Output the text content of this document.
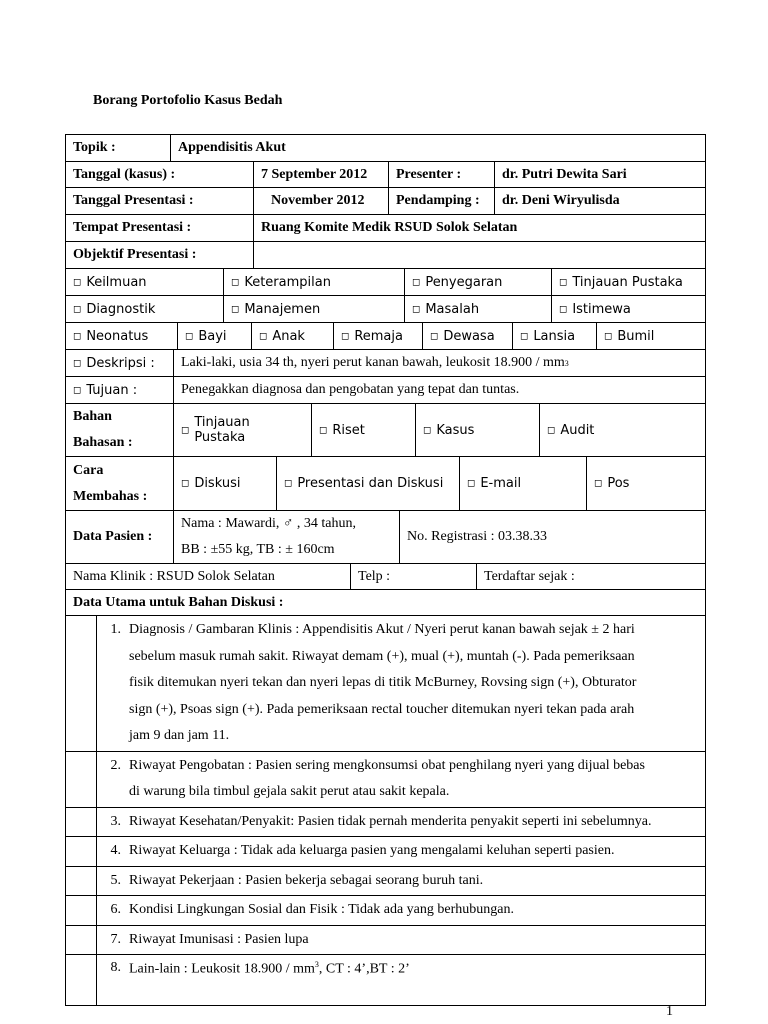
Borang Portofolio Kasus Bedah
Topik :	Appendisitis Akut
Tanggal (kasus) :	7 September 2012	Presenter :	dr. Putri Dewita Sari
Tanggal Presentasi :	November 2012	Pendamping :	dr. Deni Wiryulisda
Tempat Presentasi :	Ruang Komite Medik RSUD Solok Selatan
Objektif Presentasi :
◻ Keilmuan	◻ Keterampilan	◻ Penyegaran	◻ Tinjauan Pustaka
◻ Diagnostik	◻ Manajemen	◻ Masalah	◻ Istimewa
◻ Neonatus	◻ Bayi	◻ Anak	◻ Remaja	◻ Dewasa	◻ Lansia	◻ Bumil
◻ Deskripsi : Laki-laki, usia 34 th, nyeri perut kanan bawah, leukosit 18.900 / mm 3
◻ Tujuan :	Penegakkan diagnosa dan pengobatan yang tepat dan tuntas.
Bahan
Bahasan :
◻ Tinjauan Pustaka	◻ Riset	◻ Kasus	◻ Audit
Cara
Membahas :
◻ Diskusi	◻ Presentasi dan Diskusi ◻ E-mail	◻ Pos
Data Pasien :
Nama : Mawardi, ♂ , 34 tahun,
BB : ±55 kg, TB : ± 160cm
No. Registrasi : 03.38.33
Nama Klinik : RSUD Solok Selatan	Telp :	Terdaftar sejak :
Data Utama untuk Bahan Diskusi :
1. Diagnosis / Gambaran Klinis : Appendisitis Akut / Nyeri perut kanan bawah sejak ± 2 hari
sebelum masuk rumah sakit. Riwayat demam (+), mual (+), muntah (-). Pada pemeriksaan
fisik ditemukan nyeri tekan dan nyeri lepas di titik McBurney, Rovsing sign (+), Obturator
sign (+), Psoas sign (+). Pada pemeriksaan rectal toucher ditemukan nyeri tekan pada arah
jam 9 dan jam 11.
2. Riwayat Pengobatan : Pasien sering mengkonsumsi obat penghilang nyeri yang dijual bebas
di warung bila timbul gejala sakit perut atau sakit kepala.
3. Riwayat Kesehatan/Penyakit: Pasien tidak pernah menderita penyakit seperti ini sebelumnya.
4. Riwayat Keluarga : Tidak ada keluarga pasien yang mengalami keluhan seperti pasien.
5. Riwayat Pekerjaan : Pasien bekerja sebagai seorang buruh tani.
6. Kondisi Lingkungan Sosial dan Fisik : Tidak ada yang berhubungan.
7. Riwayat Imunisasi : Pasien lupa
8. Lain-lain : Leukosit $18.900 / mm^3$, CT : 4’,BT : 2’
1
